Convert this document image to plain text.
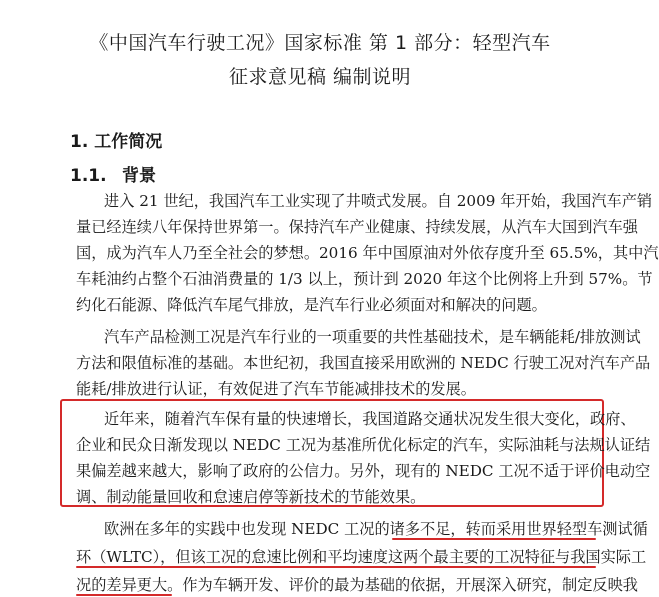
《中国汽车行驶工况》国家标准 第 1 部分：轻型汽车
征求意见稿 编制说明
1. 工作简况
1.1. 背景
进入 21 世纪，我国汽车工业实现了井喷式发展。自 2009 年开始，我国汽车产销
量已经连续八年保持世界第一。保持汽车产业健康、持续发展，从汽车大国到汽车强
国，成为汽车人乃至全社会的梦想。2016 年中国原油对外依存度升至 65.5%，其中汽
车耗油约占整个石油消费量的 1/3 以上，预计到 2020 年这个比例将上升到 57%。节
约化石能源、降低汽车尾气排放，是汽车行业必须面对和解决的问题。
汽车产品检测工况是汽车行业的一项重要的共性基础技术，是车辆能耗/排放测试
方法和限值标准的基础。本世纪初，我国直接采用欧洲的 NEDC 行驶工况对汽车产品
能耗/排放进行认证，有效促进了汽车节能减排技术的发展。
近年来，随着汽车保有量的快速增长，我国道路交通状况发生很大变化，政府、
企业和民众日渐发现以 NEDC 工况为基准所优化标定的汽车，实际油耗与法规认证结
果偏差越来越大，影响了政府的公信力。另外，现有的 NEDC 工况不适于评价电动空
调、制动能量回收和怠速启停等新技术的节能效果。
欧洲在多年的实践中也发现 NEDC 工况的诸多不足，转而采用世界轻型车测试循
环（WLTC），但该工况的怠速比例和平均速度这两个最主要的工况特征与我国实际工
况的差异更大。作为车辆开发、评价的最为基础的依据，开展深入研究，制定反映我
